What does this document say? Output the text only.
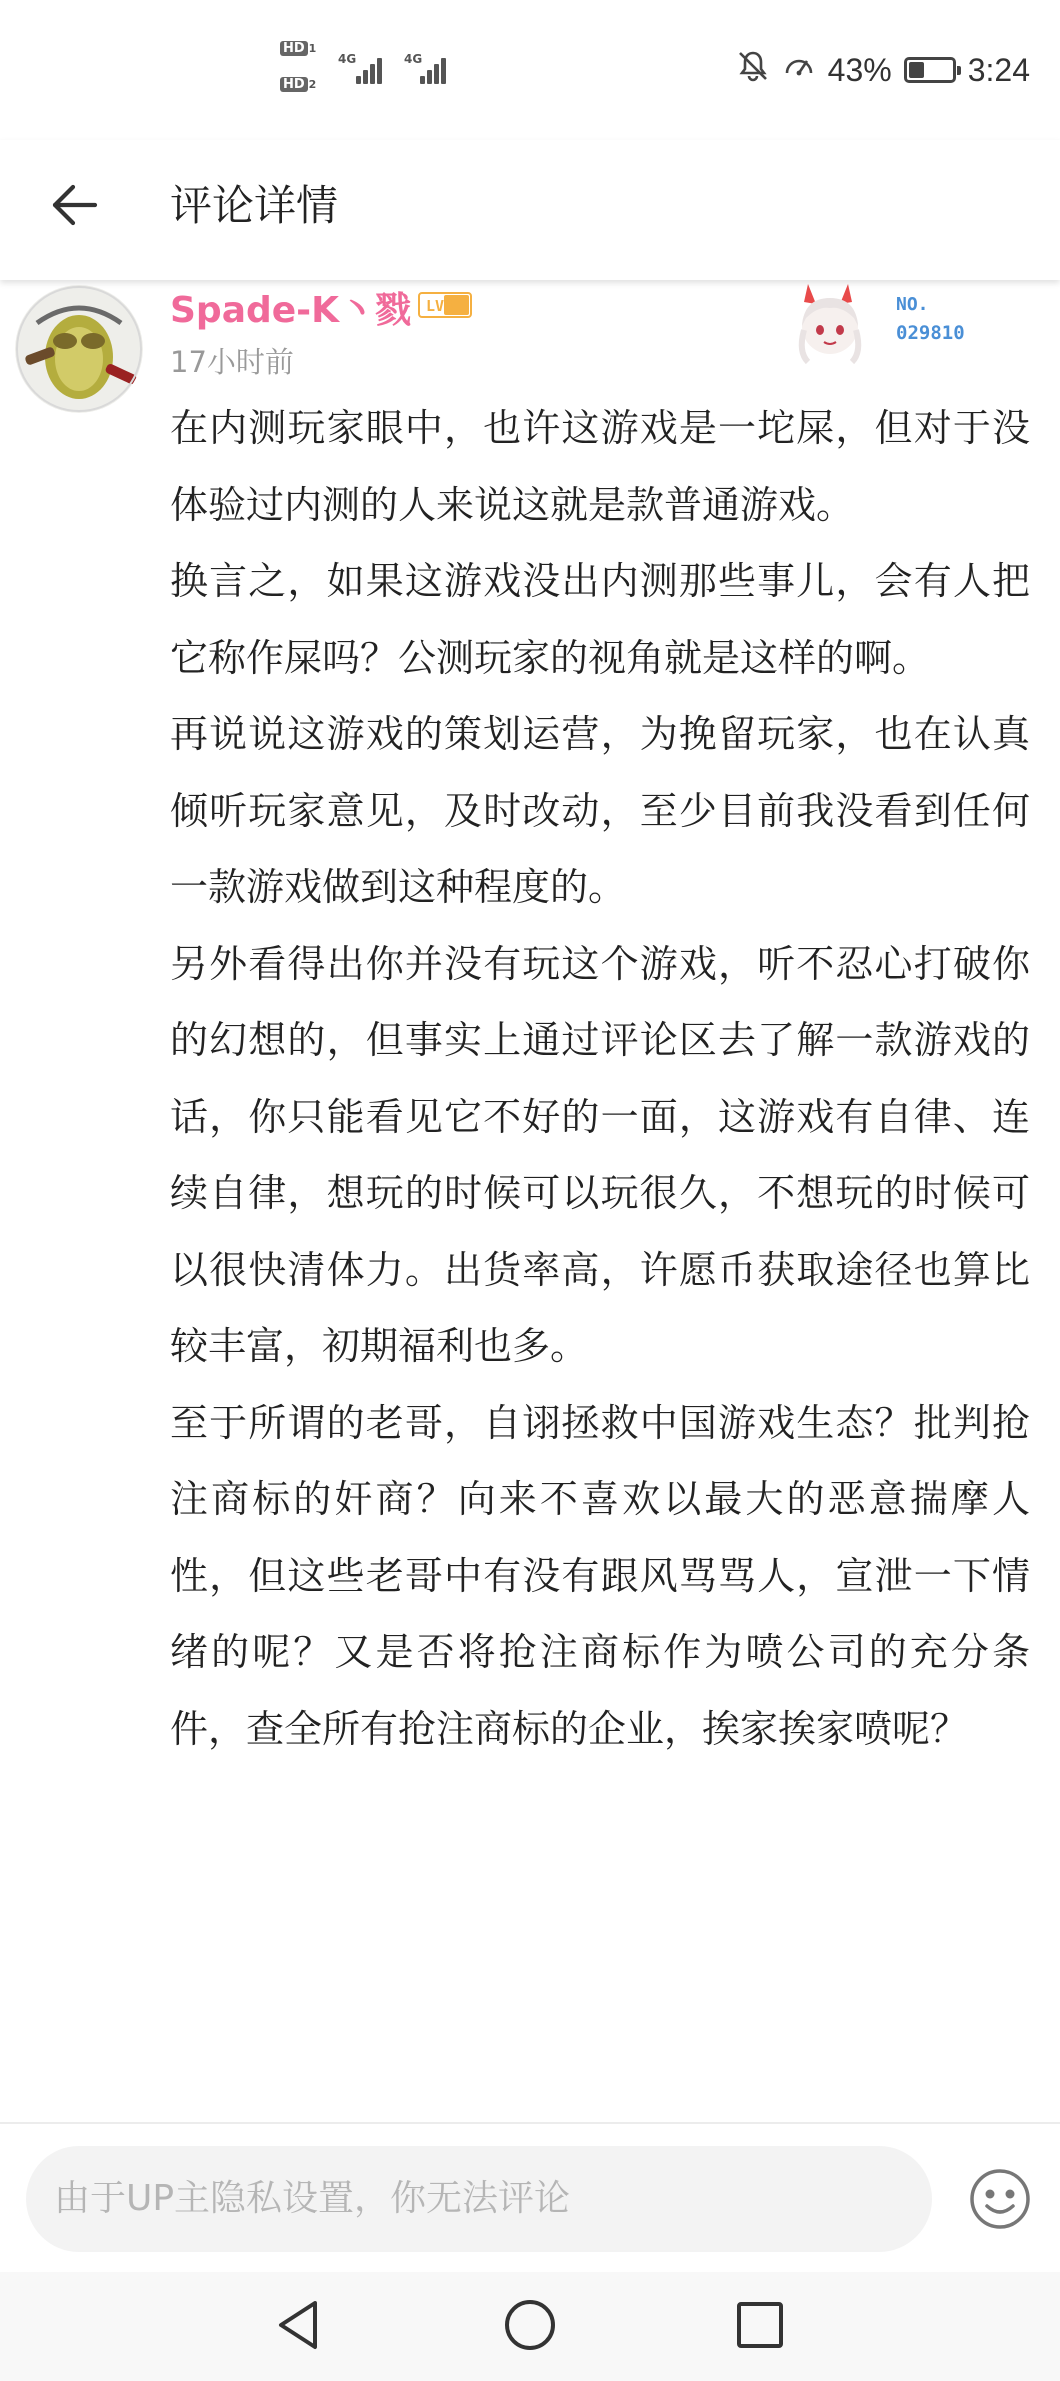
HD 1
HD 2
4G	4G	43% 3:24
评论详情
Spade-K丶戮 LV4
17小时前
NO.
029810

在内测玩家眼中，也许这游戏是一坨屎，但对于没体验过内测的人来说这就是款普通游戏。

换言之，如果这游戏没出内测那些事儿，会有人把它称作屎吗？公测玩家的视角就是这样的啊。

再说说这游戏的策划运营，为挽留玩家，也在认真倾听玩家意见，及时改动，至少目前我没看到任何一款游戏做到这种程度的。

另外看得出你并没有玩这个游戏，听不忍心打破你的幻想的，但事实上通过评论区去了解一款游戏的话，你只能看见它不好的一面，这游戏有自律、连续自律，想玩的时候可以玩很久，不想玩的时候可以很快清体力。出货率高，许愿币获取途径也算比较丰富，初期福利也多。

至于所谓的老哥，自诩拯救中国游戏生态？批判抢注商标的奸商？向来不喜欢以最大的恶意揣摩人性，但这些老哥中有没有跟风骂骂人，宣泄一下情绪的呢？又是否将抢注商标作为喷公司的充分条件，查全所有抢注商标的企业，挨家挨家喷呢？

由于UP主隐私设置，你无法评论
